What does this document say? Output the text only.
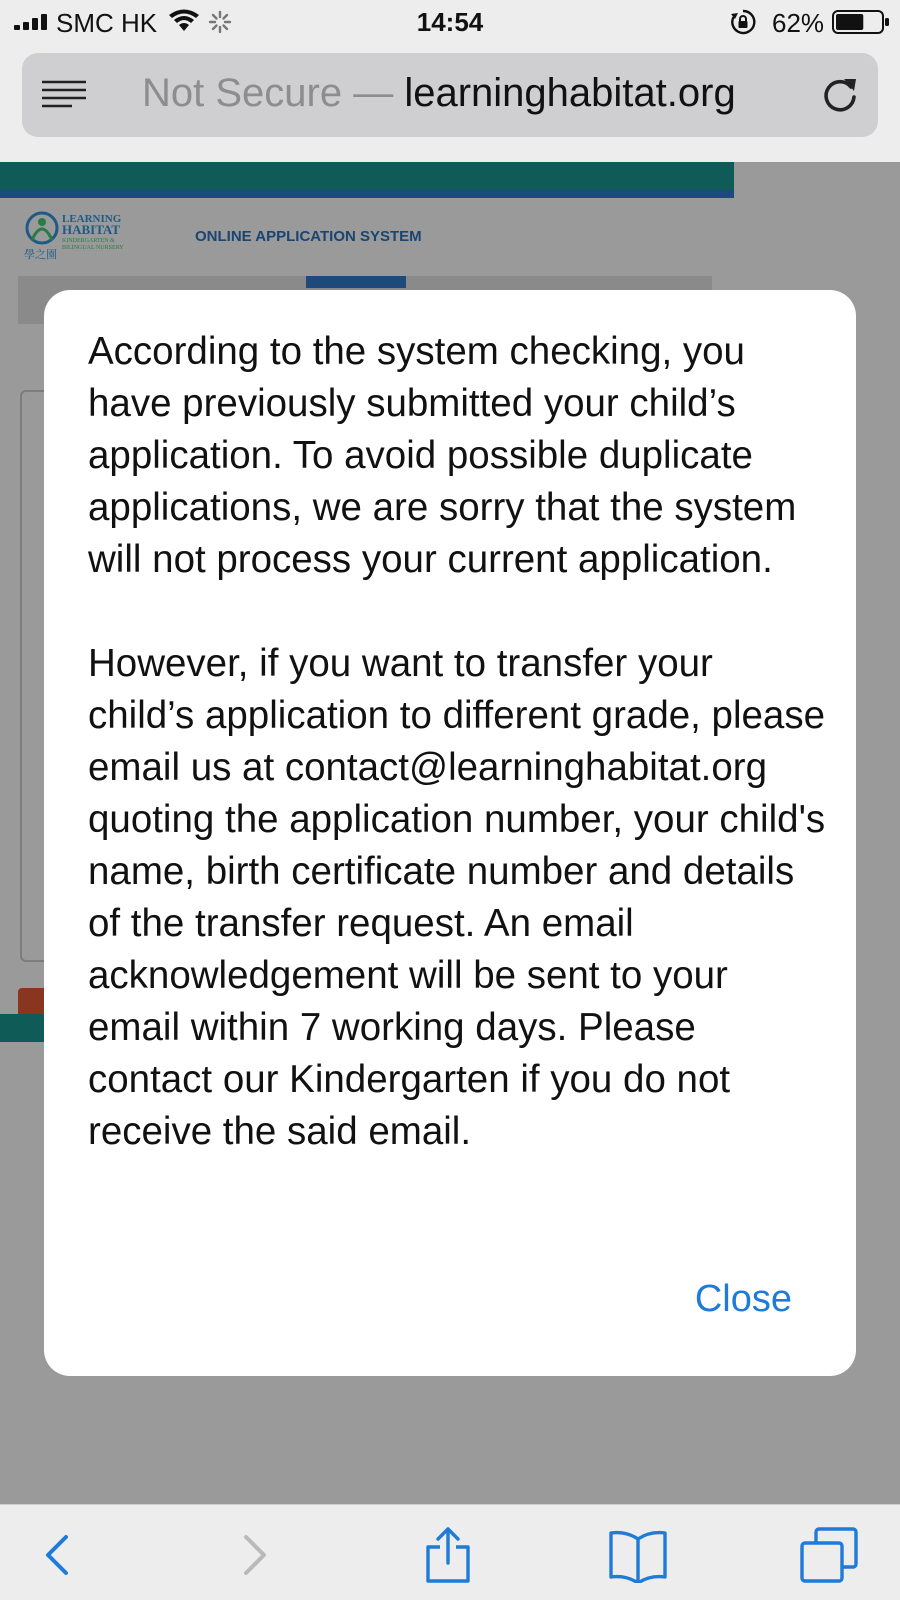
SMC HK	14:54	62%
Not Secure — learninghabitat.org
LEARNING
HABITAT
KINDERGARTEN &
BILINGUAL NURSERY
學之園
ONLINE APPLICATION SYSTEM

According to the system checking, you have previously submitted your child’s application. To avoid possible duplicate applications, we are sorry that the system will not process your current application.

However, if you want to transfer your child’s application to different grade, please email us at contact@learninghabitat.org quoting the application number, your child's name, birth certificate number and details of the transfer request. An email acknowledgement will be sent to your email within 7 working days. Please contact our Kindergarten if you do not receive the said email.

Close
